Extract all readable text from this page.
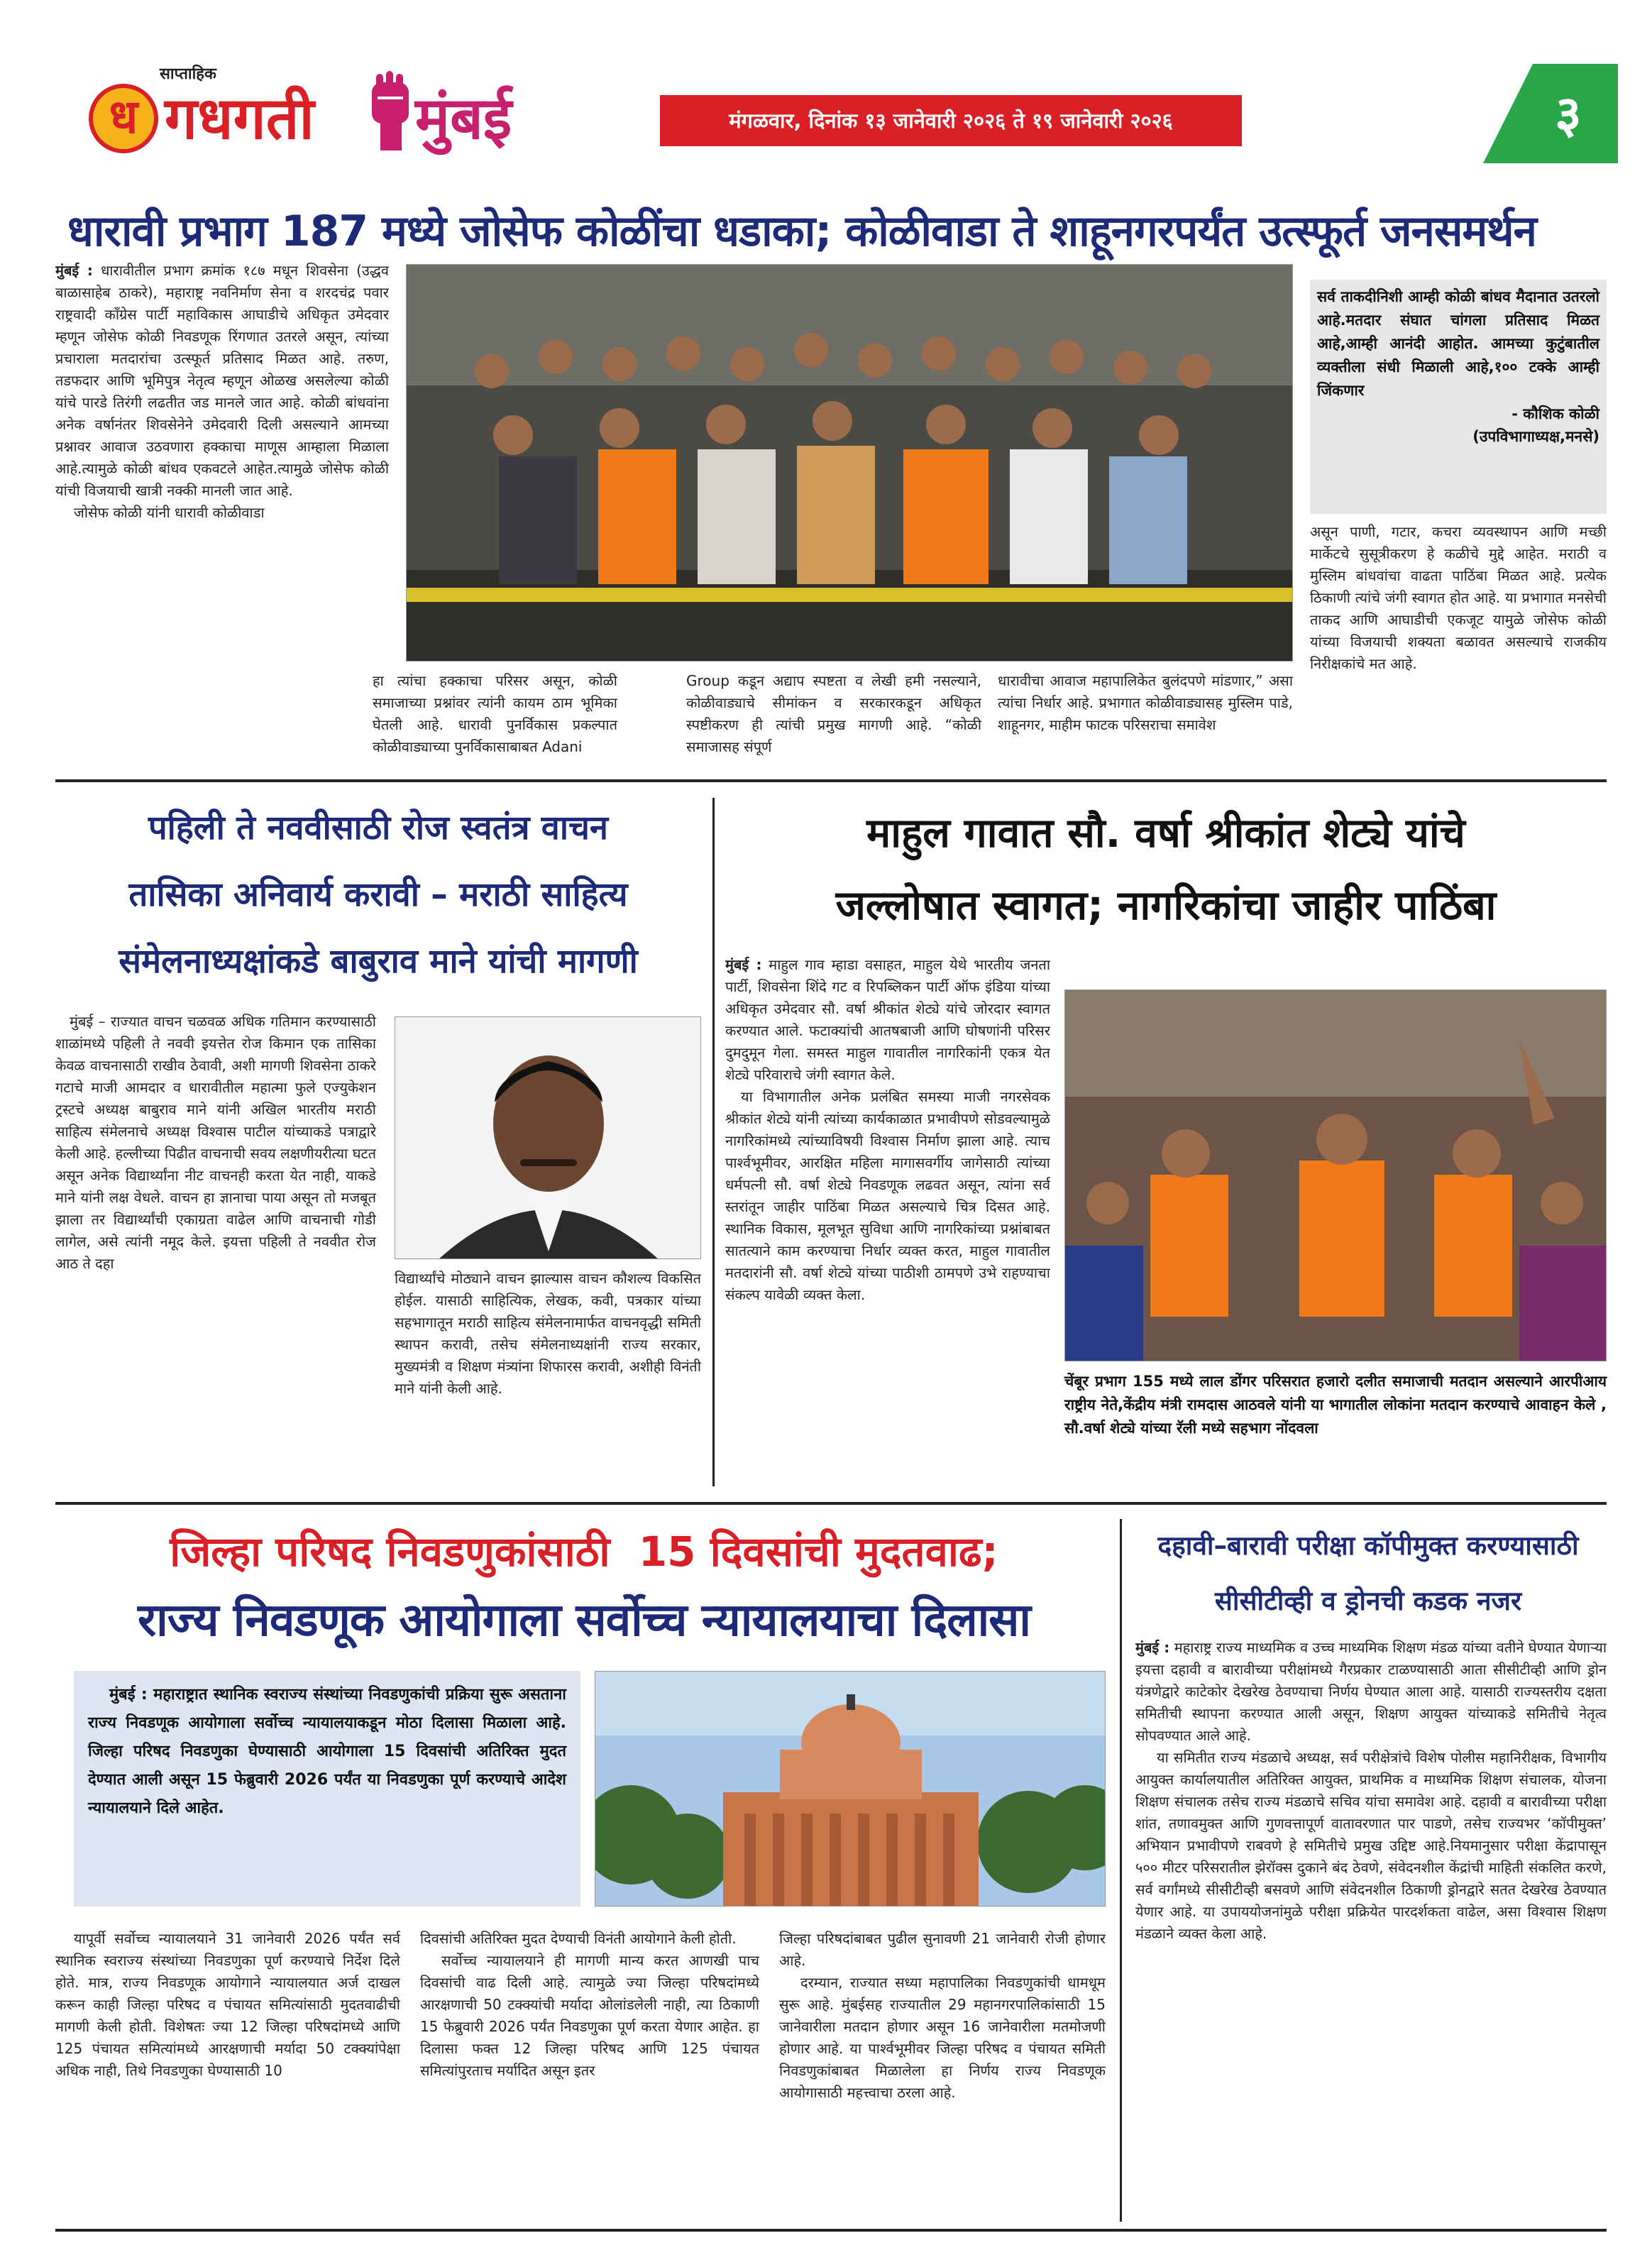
साप्ताहिक
ध गधगती मुंबई	मंगळवार, दिनांक १३ जानेवारी २०२६ ते १९ जानेवारी २०२६	३
धारावी प्रभाग 187 मध्ये जोसेफ कोळींचा धडाका; कोळीवाडा ते शाहूनगरपर्यंत उत्स्फूर्त जनसमर्थन
मुंबई : धारावीतील प्रभाग क्रमांक १८७ मधून शिवसेना (उद्धव बाळासाहेब ठाकरे), महाराष्ट्र नवनिर्माण सेना व शरदचंद्र पवार राष्ट्रवादी काँग्रेस पार्टी महाविकास आघाडीचे अधिकृत उमेदवार म्हणून जोसेफ कोळी निवडणूक रिंगणात उतरले असून, त्यांच्या प्रचाराला मतदारांचा उत्स्फूर्त प्रतिसाद मिळत आहे. तरुण, तडफदार आणि भूमिपुत्र नेतृत्व म्हणून ओळख असलेल्या कोळी यांचे पारडे तिरंगी लढतीत जड मानले जात आहे. कोळी बांधवांना अनेक वर्षानंतर शिवसेनेने उमेदवारी दिली असल्याने आमच्या प्रश्नावर आवाज उठवणारा हक्काचा माणूस आम्हाला मिळाला आहे.त्यामुळे कोळी बांधव एकवटले आहेत.त्यामुळे जोसेफ कोळी यांची विजयाची खात्री नक्की मानली जात आहे.

जोसेफ कोळी यांनी धारावी कोळीवाडा

हा त्यांचा हक्काचा परिसर असून, कोळी समाजाच्या प्रश्नांवर त्यांनी कायम ठाम भूमिका घेतली आहे. धारावी पुनर्विकास प्रकल्पात कोळीवाड्याच्या पुनर्विकासाबाबत Adani
Group कडून अद्याप स्पष्टता व लेखी हमी नसल्याने, कोळीवाड्याचे सीमांकन व सरकारकडून अधिकृत स्पष्टीकरण ही त्यांची प्रमुख मागणी आहे. “कोळी समाजासह संपूर्ण
धारावीचा आवाज महापालिकेत बुलंदपणे मांडणार,” असा त्यांचा निर्धार आहे. प्रभागात कोळीवाड्यासह मुस्लिम पाडे, शाहूनगर, माहीम फाटक परिसराचा समावेश
सर्व ताकदीनिशी आम्ही कोळी बांधव मैदानात उतरलो आहे.मतदार संघात चांगला प्रतिसाद मिळत आहे,आम्ही आनंदी आहोत. आमच्या कुटुंबातील व्यक्तीला संधी मिळाली आहे,१०० टक्के आम्ही जिंकणार
- कौशिक कोळी
(उपविभागाध्यक्ष,मनसे)
असून पाणी, गटार, कचरा व्यवस्थापन आणि मच्छी मार्केटचे सुसूत्रीकरण हे कळीचे मुद्दे आहेत. मराठी व मुस्लिम बांधवांचा वाढता पाठिंबा मिळत आहे. प्रत्येक ठिकाणी त्यांचे जंगी स्वागत होत आहे. या प्रभागात मनसेची ताकद आणि आघाडीची एकजूट यामुळे जोसेफ कोळी यांच्या विजयाची शक्यता बळावत असल्याचे राजकीय निरीक्षकांचे मत आहे.
पहिली ते नववीसाठी रोज स्वतंत्र वाचन
तासिका अनिवार्य करावी – मराठी साहित्य
संमेलनाध्यक्षांकडे बाबुराव माने यांची मागणी
मुंबई – राज्यात वाचन चळवळ अधिक गतिमान करण्यासाठी शाळांमध्ये पहिली ते नववी इयत्तेत रोज किमान एक तासिका केवळ वाचनासाठी राखीव ठेवावी, अशी मागणी शिवसेना ठाकरे गटाचे माजी आमदार व धारावीतील महात्मा फुले एज्युकेशन ट्रस्टचे अध्यक्ष बाबुराव माने यांनी अखिल भारतीय मराठी साहित्य संमेलनाचे अध्यक्ष विश्वास पाटील यांच्याकडे पत्राद्वारे केली आहे. हल्लीच्या पिढीत वाचनाची सवय लक्षणीयरीत्या घटत असून अनेक विद्यार्थ्यांना नीट वाचनही करता येत नाही, याकडे माने यांनी लक्ष वेधले. वाचन हा ज्ञानाचा पाया असून तो मजबूत झाला तर विद्यार्थ्यांची एकाग्रता वाढेल आणि वाचनाची गोडी लागेल, असे त्यांनी नमूद केले. इयत्ता पहिली ते नववीत रोज आठ ते दहा
विद्यार्थ्यांचे मोठ्याने वाचन झाल्यास वाचन कौशल्य विकसित होईल. यासाठी साहित्यिक, लेखक, कवी, पत्रकार यांच्या सहभागातून मराठी साहित्य संमेलनामार्फत वाचनवृद्धी समिती स्थापन करावी, तसेच संमेलनाध्यक्षांनी राज्य सरकार, मुख्यमंत्री व शिक्षण मंत्र्यांना शिफारस करावी, अशीही विनंती माने यांनी केली आहे.
माहुल गावात सौ. वर्षा श्रीकांत शेट्ये यांचे
जल्लोषात स्वागत; नागरिकांचा जाहीर पाठिंबा
मुंबई : माहुल गाव म्हाडा वसाहत, माहुल येथे भारतीय जनता पार्टी, शिवसेना शिंदे गट व रिपब्लिकन पार्टी ऑफ इंडिया यांच्या अधिकृत उमेदवार सौ. वर्षा श्रीकांत शेट्ये यांचे जोरदार स्वागत करण्यात आले. फटाक्यांची आतषबाजी आणि घोषणांनी परिसर दुमदुमून गेला. समस्त माहुल गावातील नागरिकांनी एकत्र येत शेट्ये परिवाराचे जंगी स्वागत केले.

या विभागातील अनेक प्रलंबित समस्या माजी नगरसेवक श्रीकांत शेट्ये यांनी त्यांच्या कार्यकाळात प्रभावीपणे सोडवल्यामुळे नागरिकांमध्ये त्यांच्याविषयी विश्वास निर्माण झाला आहे. त्याच पार्श्वभूमीवर, आरक्षित महिला मागासवर्गीय जागेसाठी त्यांच्या धर्मपत्नी सौ. वर्षा शेट्ये निवडणूक लढवत असून, त्यांना सर्व स्तरांतून जाहीर पाठिंबा मिळत असल्याचे चित्र दिसत आहे. स्थानिक विकास, मूलभूत सुविधा आणि नागरिकांच्या प्रश्नांबाबत सातत्याने काम करण्याचा निर्धार व्यक्त करत, माहुल गावातील मतदारांनी सौ. वर्षा शेट्ये यांच्या पाठीशी ठामपणे उभे राहण्याचा संकल्प यावेळी व्यक्त केला.

चेंबूर प्रभाग 155 मध्ये लाल डोंगर परिसरात हजारो दलीत समाजाची मतदान असल्याने आरपीआय राष्ट्रीय नेते,केंद्रीय मंत्री रामदास आठवले यांनी या भागातील लोकांना मतदान करण्याचे आवाहन केले , सौ.वर्षा शेट्ये यांच्या रॅली मध्ये सहभाग नोंदवला
जिल्हा परिषद निवडणुकांसाठी  15 दिवसांची मुदतवाढ;
राज्य निवडणूक आयोगाला सर्वोच्च न्यायालयाचा दिलासा
मुंबई : महाराष्ट्रात स्थानिक स्वराज्य संस्थांच्या निवडणुकांची प्रक्रिया सुरू असताना राज्य निवडणूक आयोगाला सर्वोच्च न्यायालयाकडून मोठा दिलासा मिळाला आहे. जिल्हा परिषद निवडणुका घेण्यासाठी आयोगाला 15 दिवसांची अतिरिक्त मुदत देण्यात आली असून 15 फेब्रुवारी 2026 पर्यंत या निवडणुका पूर्ण करण्याचे आदेश न्यायालयाने दिले आहेत.
यापूर्वी सर्वोच्च न्यायालयाने 31 जानेवारी 2026 पर्यंत सर्व स्थानिक स्वराज्य संस्थांच्या निवडणुका पूर्ण करण्याचे निर्देश दिले होते. मात्र, राज्य निवडणूक आयोगाने न्यायालयात अर्ज दाखल करून काही जिल्हा परिषद व पंचायत समित्यांसाठी मुदतवाढीची मागणी केली होती. विशेषतः ज्या 12 जिल्हा परिषदांमध्ये आणि 125 पंचायत समित्यांमध्ये आरक्षणाची मर्यादा 50 टक्क्यांपेक्षा अधिक नाही, तिथे निवडणुका घेण्यासाठी 10

दिवसांची अतिरिक्त मुदत देण्याची विनंती आयोगाने केली होती.

सर्वोच्च न्यायालयाने ही मागणी मान्य करत आणखी पाच दिवसांची वाढ दिली आहे. त्यामुळे ज्या जिल्हा परिषदांमध्ये आरक्षणाची 50 टक्क्यांची मर्यादा ओलांडलेली नाही, त्या ठिकाणी 15 फेब्रुवारी 2026 पर्यंत निवडणुका पूर्ण करता येणार आहेत. हा दिलासा फक्त 12 जिल्हा परिषद आणि 125 पंचायत समित्यांपुरताच मर्यादित असून इतर

जिल्हा परिषदांबाबत पुढील सुनावणी 21 जानेवारी रोजी होणार आहे.

दरम्यान, राज्यात सध्या महापालिका निवडणुकांची धामधूम सुरू आहे. मुंबईसह राज्यातील 29 महानगरपालिकांसाठी 15 जानेवारीला मतदान होणार असून 16 जानेवारीला मतमोजणी होणार आहे. या पार्श्वभूमीवर जिल्हा परिषद व पंचायत समिती निवडणुकांबाबत मिळालेला हा निर्णय राज्य निवडणूक आयोगासाठी महत्त्वाचा ठरला आहे.

दहावी–बारावी परीक्षा कॉपीमुक्त करण्यासाठी
सीसीटीव्ही व ड्रोनची कडक नजर
मुंबई : महाराष्ट्र राज्य माध्यमिक व उच्च माध्यमिक शिक्षण मंडळ यांच्या वतीने घेण्यात येणाऱ्या इयत्ता दहावी व बारावीच्या परीक्षांमध्ये गैरप्रकार टाळण्यासाठी आता सीसीटीव्ही आणि ड्रोन यंत्रणेद्वारे काटेकोर देखरेख ठेवण्याचा निर्णय घेण्यात आला आहे. यासाठी राज्यस्तरीय दक्षता समितीची स्थापना करण्यात आली असून, शिक्षण आयुक्त यांच्याकडे समितीचे नेतृत्व सोपवण्यात आले आहे.

या समितीत राज्य मंडळाचे अध्यक्ष, सर्व परीक्षेत्रांचे विशेष पोलीस महानिरीक्षक, विभागीय आयुक्त कार्यालयातील अतिरिक्त आयुक्त, प्राथमिक व माध्यमिक शिक्षण संचालक, योजना शिक्षण संचालक तसेच राज्य मंडळाचे सचिव यांचा समावेश आहे. दहावी व बारावीच्या परीक्षा शांत, तणावमुक्त आणि गुणवत्तापूर्ण वातावरणात पार पाडणे, तसेच राज्यभर ‘कॉपीमुक्त’ अभियान प्रभावीपणे राबवणे हे समितीचे प्रमुख उद्दिष्ट आहे.नियमानुसार परीक्षा केंद्रापासून ५०० मीटर परिसरातील झेरॉक्स दुकाने बंद ठेवणे, संवेदनशील केंद्रांची माहिती संकलित करणे, सर्व वर्गांमध्ये सीसीटीव्ही बसवणे आणि संवेदनशील ठिकाणी ड्रोनद्वारे सतत देखरेख ठेवण्यात येणार आहे. या उपाययोजनांमुळे परीक्षा प्रक्रियेत पारदर्शकता वाढेल, असा विश्वास शिक्षण मंडळाने व्यक्त केला आहे.
